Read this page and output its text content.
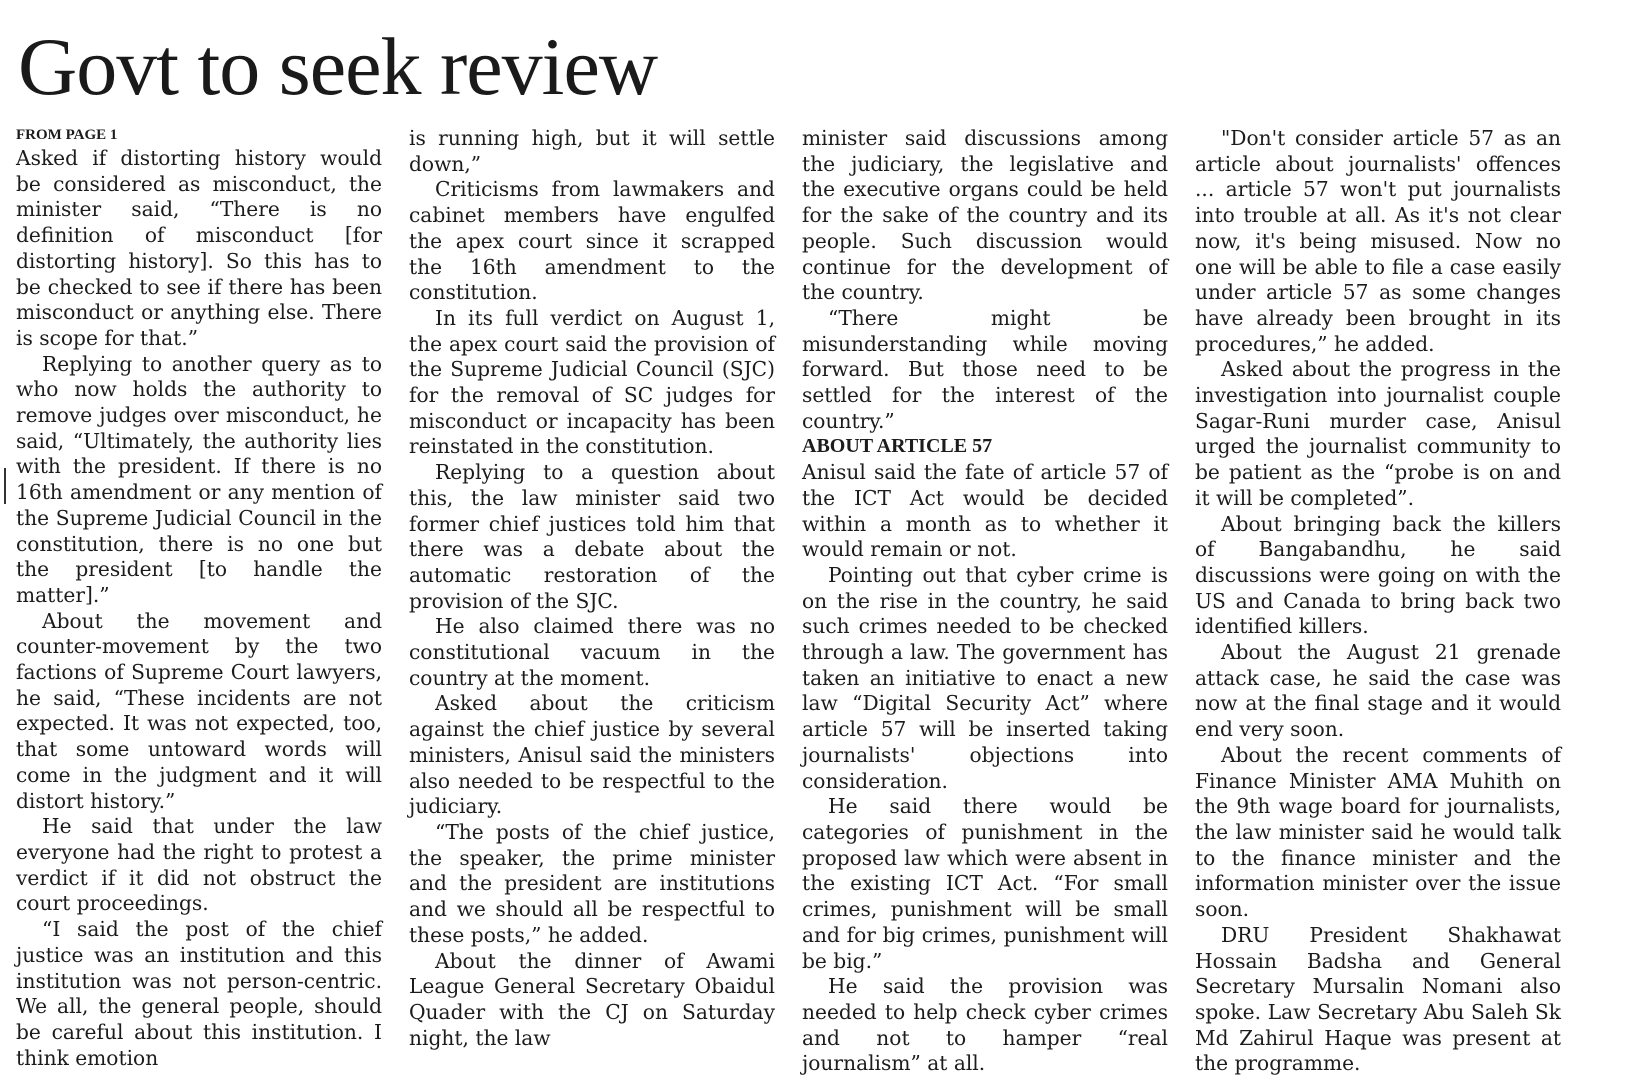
Govt to seek review
FROM PAGE 1

Asked if distorting history would be considered as misconduct, the minister said, “There is no definition of misconduct [for distorting history]. So this has to be checked to see if there has been misconduct or anything else. There is scope for that.”

Replying to another query as to who now holds the authority to remove judges over misconduct, he said, “Ultimately, the authority lies with the president. If there is no 16th amendment or any mention of the Supreme Judicial Council in the constitution, there is no one but the president [to handle the matter].”

About the movement and counter-movement by the two factions of Supreme Court lawyers, he said, “These incidents are not expected. It was not expected, too, that some untoward words will come in the judgment and it will distort history.”

He said that under the law everyone had the right to protest a verdict if it did not obstruct the court proceedings.

“I said the post of the chief justice was an institution and this institution was not person-centric. We all, the general people, should be careful about this institution. I think emotion

is running high, but it will settle down,”

Criticisms from lawmakers and cabinet members have engulfed the apex court since it scrapped the 16th amendment to the constitution.

In its full verdict on August 1, the apex court said the provision of the Supreme Judicial Council (SJC) for the removal of SC judges for misconduct or incapacity has been reinstated in the constitution.

Replying to a question about this, the law minister said two former chief justices told him that there was a debate about the automatic restoration of the provision of the SJC.

He also claimed there was no constitutional vacuum in the country at the moment.

Asked about the criticism against the chief justice by several ministers, Anisul said the ministers also needed to be respectful to the judiciary.

“The posts of the chief justice, the speaker, the prime minister and the president are institutions and we should all be respectful to these posts,” he added.

About the dinner of Awami League General Secretary Obaidul Quader with the CJ on Saturday night, the law

minister said discussions among the judiciary, the legislative and the executive organs could be held for the sake of the country and its people. Such discussion would continue for the development of the country.

“There might be misunderstanding while moving forward. But those need to be settled for the interest of the country.”

ABOUT ARTICLE 57

Anisul said the fate of article 57 of the ICT Act would be decided within a month as to whether it would remain or not.

Pointing out that cyber crime is on the rise in the country, he said such crimes needed to be checked through a law. The government has taken an initiative to enact a new law “Digital Security Act” where article 57 will be inserted taking journalists' objections into consideration.

He said there would be categories of punishment in the proposed law which were absent in the existing ICT Act. “For small crimes, punishment will be small and for big crimes, punishment will be big.”

He said the provision was needed to help check cyber crimes and not to hamper “real journalism” at all.

"Don't consider article 57 as an article about journalists' offences ... article 57 won't put journalists into trouble at all. As it's not clear now, it's being misused. Now no one will be able to file a case easily under article 57 as some changes have already been brought in its procedures,” he added.

Asked about the progress in the investigation into journalist couple Sagar-Runi murder case, Anisul urged the journalist community to be patient as the “probe is on and it will be completed”.

About bringing back the killers of Bangabandhu, he said discussions were going on with the US and Canada to bring back two identified killers.

About the August 21 grenade attack case, he said the case was now at the final stage and it would end very soon.

About the recent comments of Finance Minister AMA Muhith on the 9th wage board for journalists, the law minister said he would talk to the finance minister and the information minister over the issue soon.

DRU President Shakhawat Hossain Badsha and General Secretary Mursalin Nomani also spoke. Law Secretary Abu Saleh Sk Md Zahirul Haque was present at the programme.
